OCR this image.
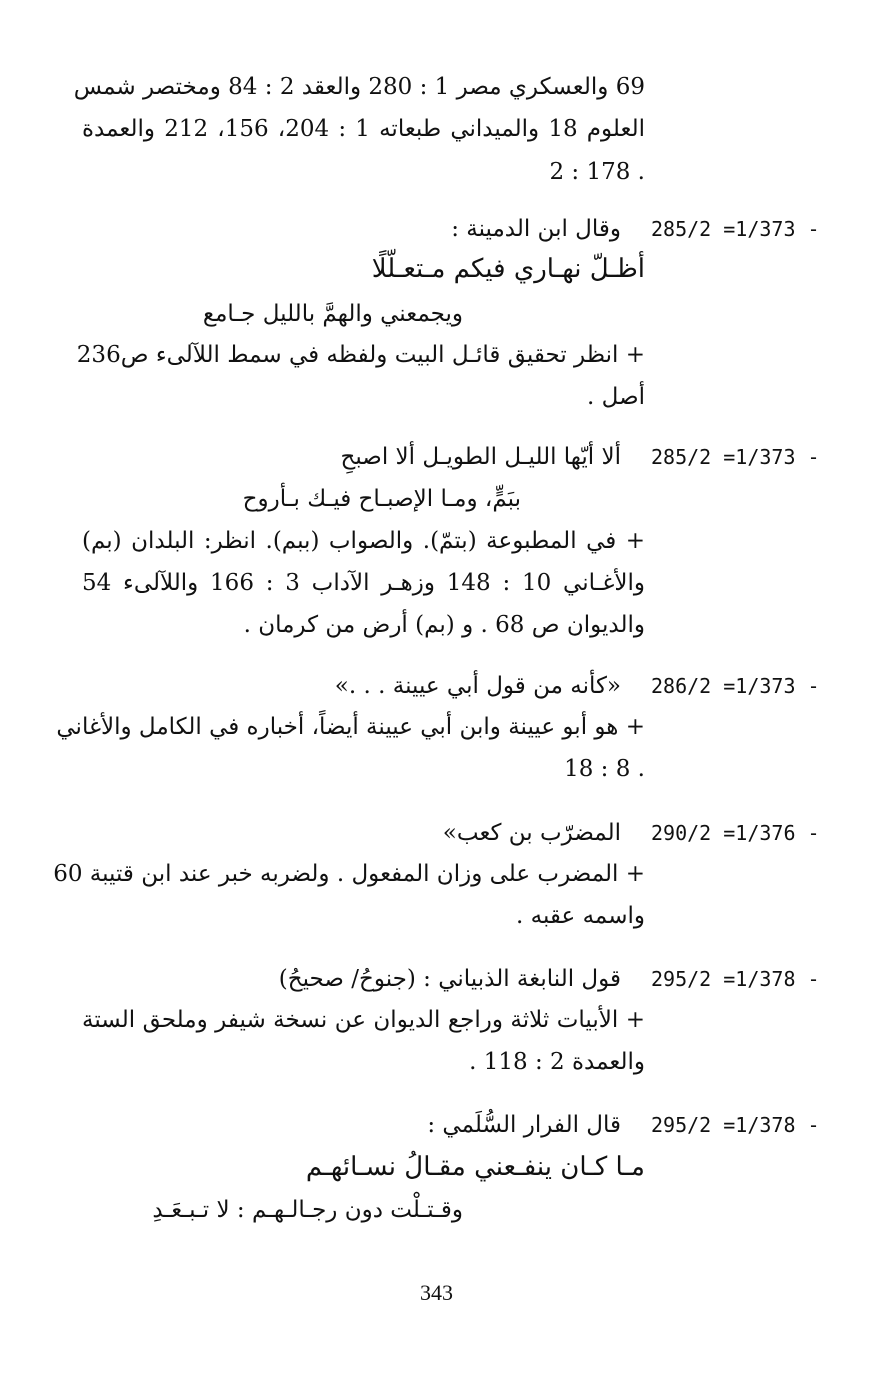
69 والعسكري مصر 1 : 280 والعقد 2 : 84 ومختصر شمس
العلوم 18 والميداني طبعاته 1 : 204، 156، 212 والعمدة
2 : 178 .
285/2 =1/373 -
وقال ابن الدمينة :
أظـلّ نهـاري فيكم مـتعـلّلًا
ويجمعني والهمَّ بالليل جـامع
+ انظر تحقيق قائـل البيت ولفظه في سمط اللآلىء ص236
أصل .
285/2 =1/373 -
ألا أيّها الليـل الطويـل ألا اصبحِ
ببَمٍّ، ومـا الإصبـاح فيـك بـأروح
+ في المطبوعة (بتمّ). والصواب (ببم). انظر: البلدان (بم)
والأغـاني 10 : 148 وزهـر الآداب 3 : 166 واللآلىء 54
والديوان ص 68 . و (بم) أرض من كرمان .
286/2 =1/373 -
«كأنه من قول أبي عيينة . . .»
+ هو أبو عيينة وابن أبي عيينة أيضاً، أخباره في الكامل والأغاني
18 : 8 .
290/2 =1/376 -
المضرّب بن كعب»
+ المضرب على وزان المفعول . ولضربه خبر عند ابن قتيبة 60
واسمه عقبه .
295/2 =1/378 -
قول النابغة الذبياني : (جنوحُ/ صحيحُ)
+ الأبيات ثلاثة وراجع الديوان عن نسخة شيفر وملحق الستة
والعمدة 2 : 118 .
295/2 =1/378 -
قال الفرار السُّلَمي :
مـا كـان ينفـعني مقـالُ نسـائهـم
وقـتـلْت دون رجـالـهـم : لا تـبـعَـدِ
343
